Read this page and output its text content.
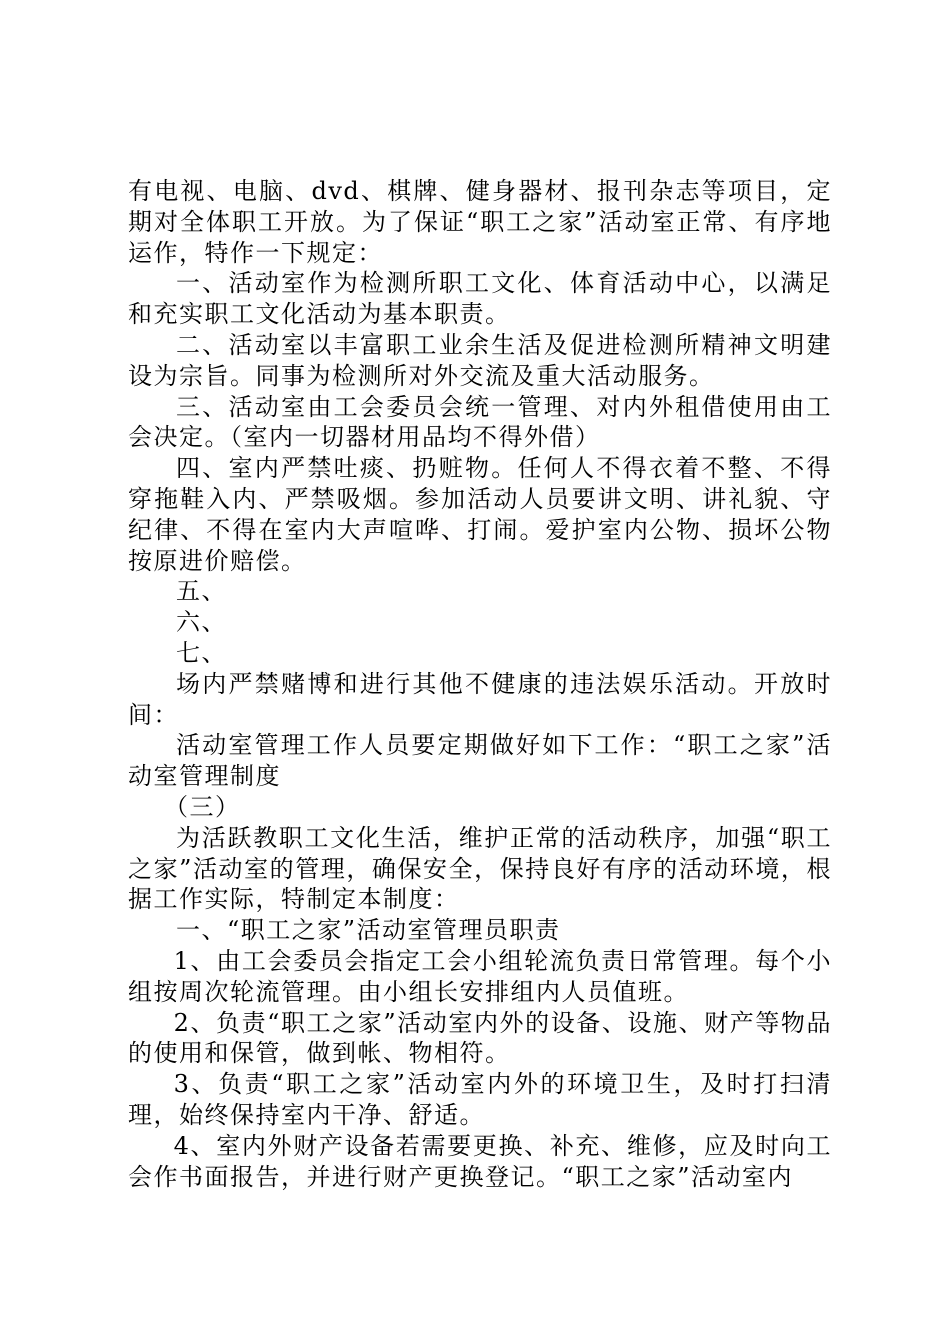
有电视、电脑、dvd、棋牌、健身器材、报刊杂志等项目，定期对全体职工开放。为了保证“职工之家”活动室正常、有序地运作，特作一下规定：

一、活动室作为检测所职工文化、体育活动中心，以满足和充实职工文化活动为基本职责。

二、活动室以丰富职工业余生活及促进检测所精神文明建设为宗旨。同事为检测所对外交流及重大活动服务。

三、活动室由工会委员会统一管理、对内外租借使用由工会决定。（室内一切器材用品均不得外借）

四、室内严禁吐痰、扔赃物。任何人不得衣着不整、不得穿拖鞋入内、严禁吸烟。参加活动人员要讲文明、讲礼貌、守纪律、不得在室内大声喧哗、打闹。爱护室内公物、损坏公物按原进价赔偿。

五、

六、

七、

场内严禁赌博和进行其他不健康的违法娱乐活动。开放时间：

活动室管理工作人员要定期做好如下工作：“职工之家”活动室管理制度

（三）

为活跃教职工文化生活，维护正常的活动秩序，加强“职工之家”活动室的管理，确保安全，保持良好有序的活动环境，根据工作实际，特制定本制度：

一、“职工之家”活动室管理员职责

1、由工会委员会指定工会小组轮流负责日常管理。每个小组按周次轮流管理。由小组长安排组内人员值班。

2、负责“职工之家”活动室内外的设备、设施、财产等物品的使用和保管，做到帐、物相符。

3、负责“职工之家”活动室内外的环境卫生，及时打扫清理，始终保持室内干净、舒适。

4、室内外财产设备若需要更换、补充、维修，应及时向工会作书面报告，并进行财产更换登记。“职工之家”活动室内
